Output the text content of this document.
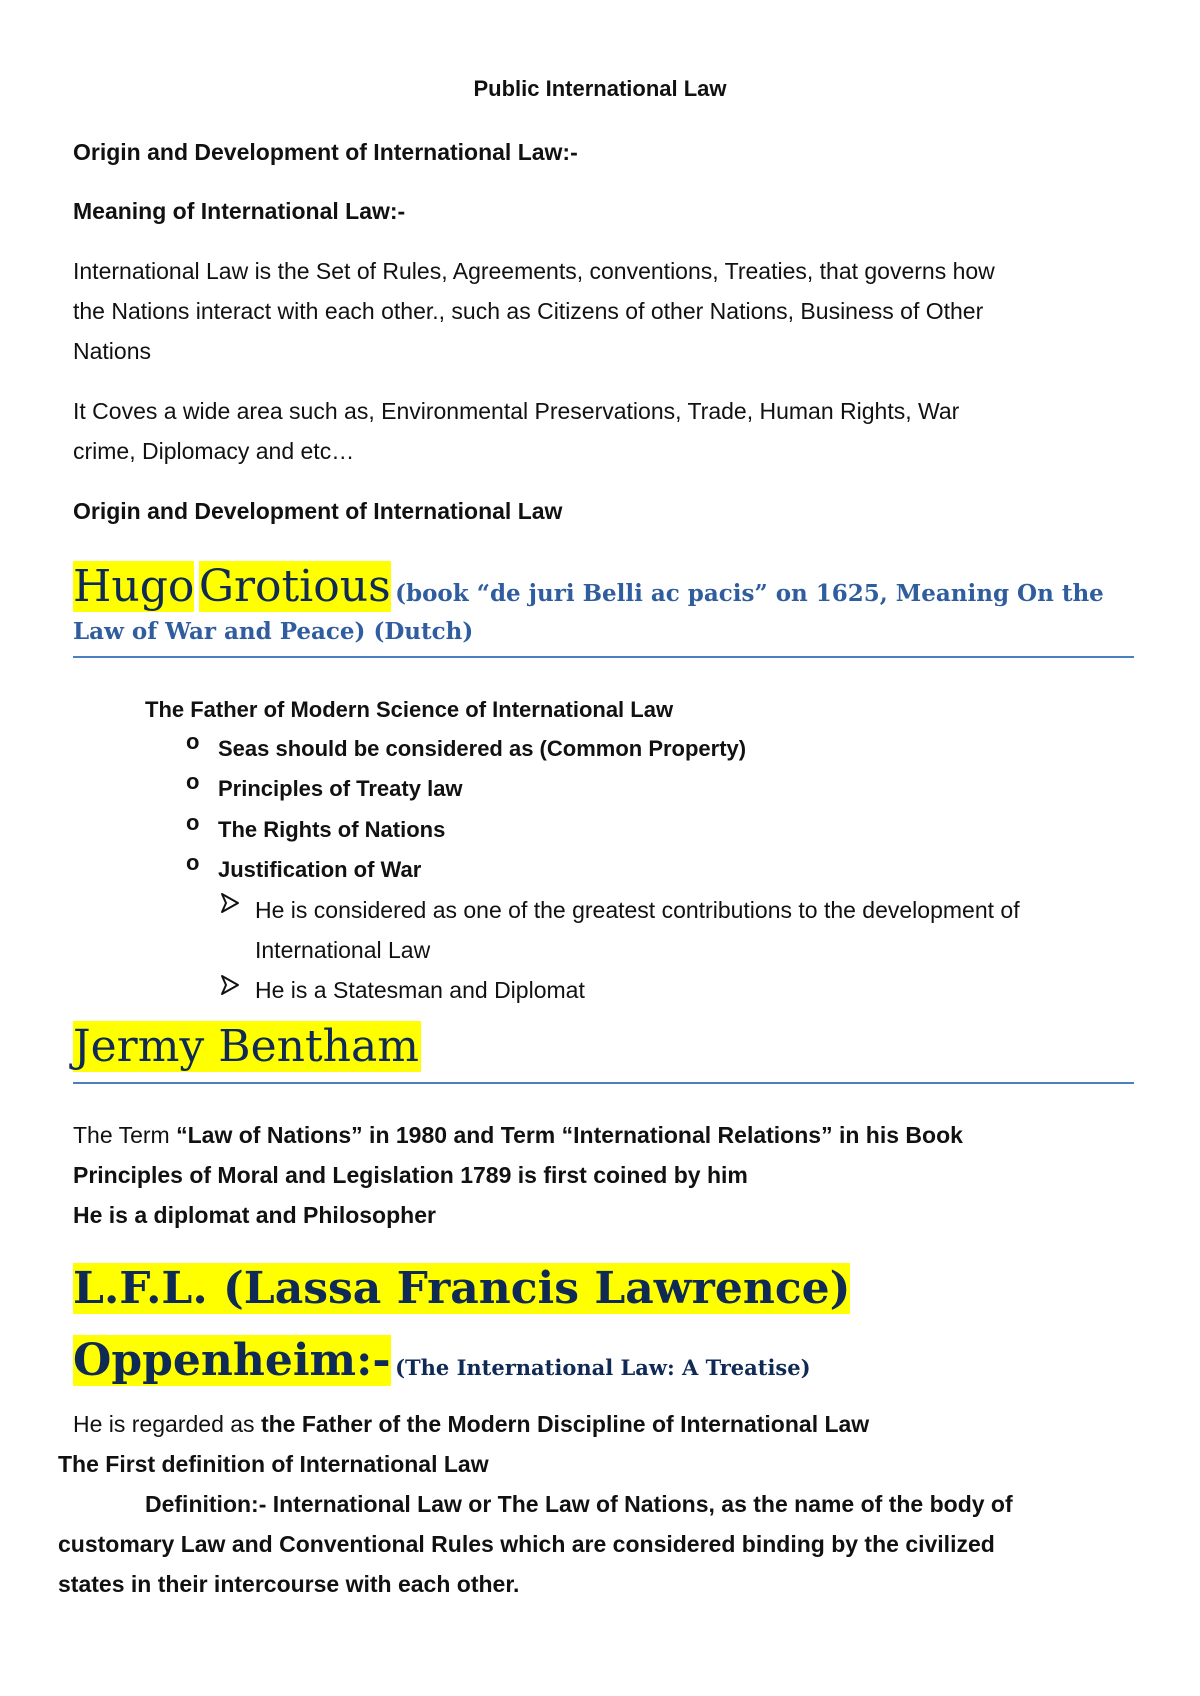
Public International Law
Origin and Development of International Law:-
Meaning of International Law:-
International Law is the Set of Rules, Agreements, conventions, Treaties, that governs how
the Nations interact with each other., such as Citizens of other Nations, Business of Other
Nations
It Coves a wide area such as, Environmental Preservations, Trade, Human Rights, War
crime, Diplomacy and etc…
Origin and Development of International Law
Hugo Grotious (book “de juri Belli ac pacis” on 1625, Meaning On the
Law of War and Peace) (Dutch)
The Father of Modern Science of International Law
o Seas should be considered as (Common Property)
o Principles of Treaty law
o The Rights of Nations
o Justification of War
He is considered as one of the greatest contributions to the development of
International Law
He is a Statesman and Diplomat
Jermy Bentham
The Term “Law of Nations” in 1980 and Term “International Relations” in his Book
Principles of Moral and Legislation 1789 is first coined by him
He is a diplomat and Philosopher
L.F.L. (Lassa Francis Lawrence)
Oppenheim:- (The International Law: A Treatise)
He is regarded as the Father of the Modern Discipline of International Law
The First definition of International Law
Definition:- International Law or The Law of Nations, as the name of the body of
customary Law and Conventional Rules which are considered binding by the civilized
states in their intercourse with each other.
